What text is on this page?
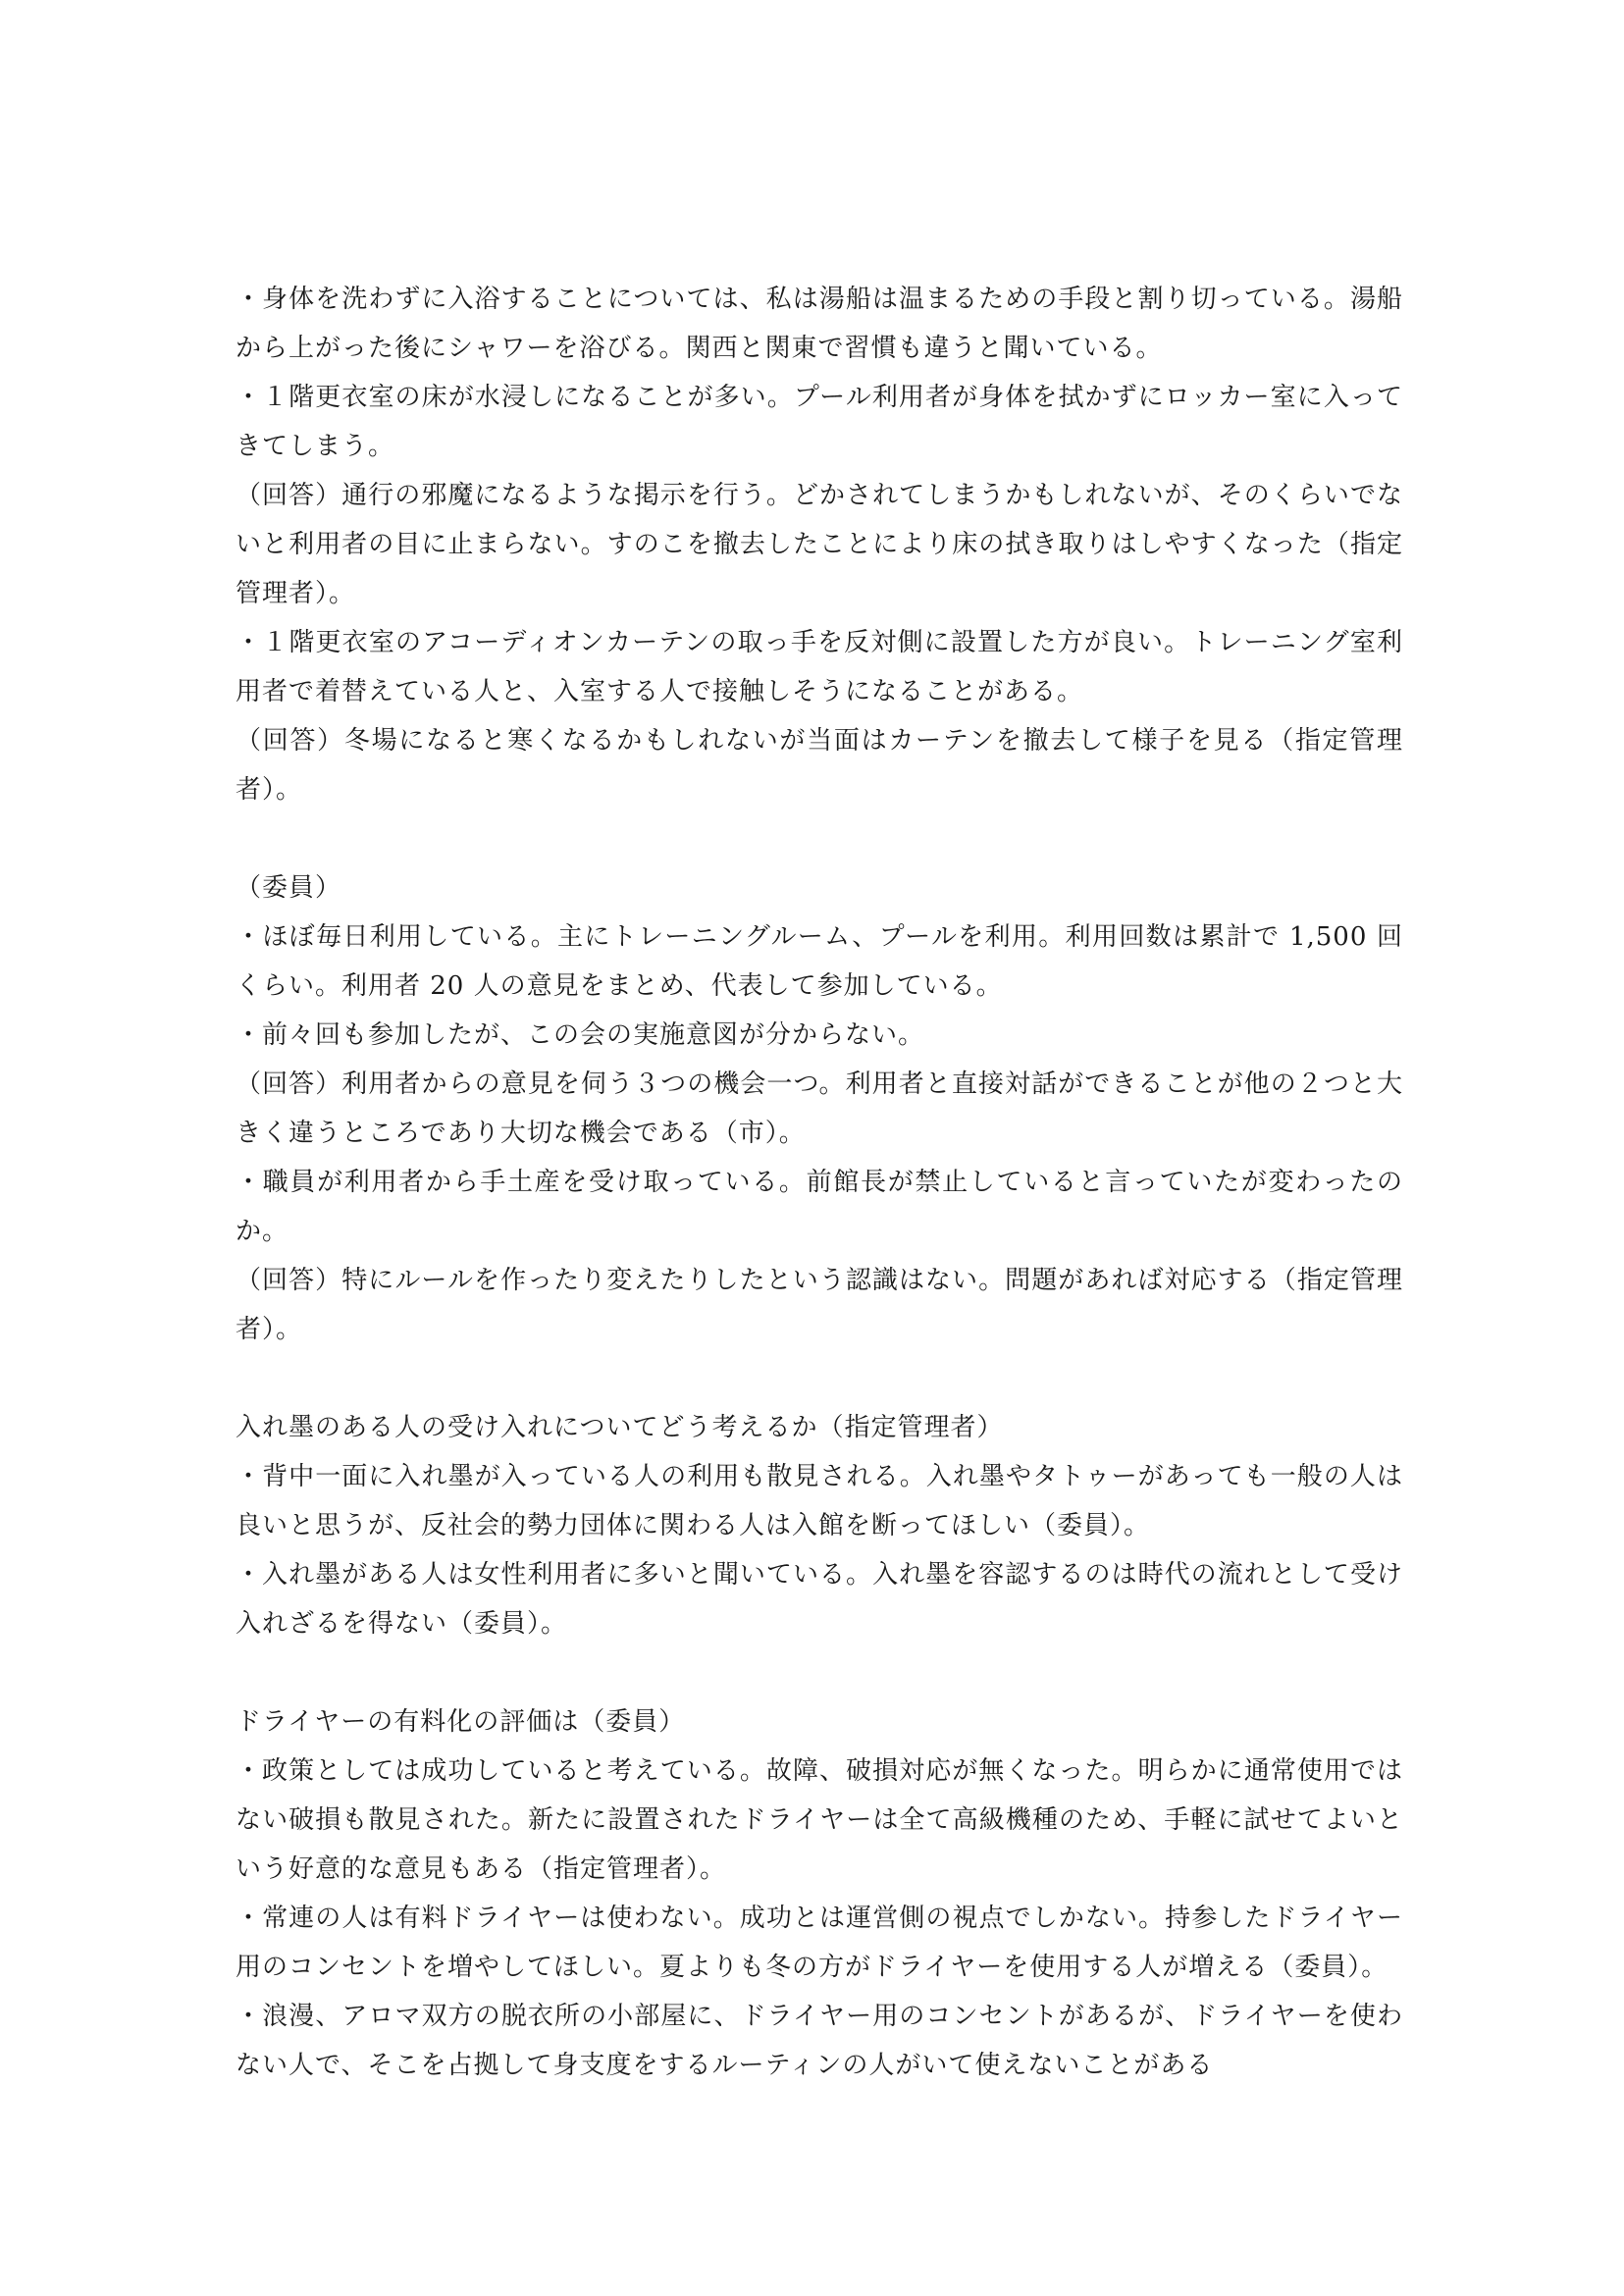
・身体を洗わずに入浴することについては、私は湯船は温まるための手段と割り切っている。湯船から上がった後にシャワーを浴びる。関西と関東で習慣も違うと聞いている。

・１階更衣室の床が水浸しになることが多い。プール利用者が身体を拭かずにロッカー室に入ってきてしまう。

（回答）通行の邪魔になるような掲示を行う。どかされてしまうかもしれないが、そのくらいでないと利用者の目に止まらない。すのこを撤去したことにより床の拭き取りはしやすくなった（指定管理者）。

・１階更衣室のアコーディオンカーテンの取っ手を反対側に設置した方が良い。トレーニング室利用者で着替えている人と、入室する人で接触しそうになることがある。

（回答）冬場になると寒くなるかもしれないが当面はカーテンを撤去して様子を見る（指定管理者）。

（委員）

・ほぼ毎日利用している。主にトレーニングルーム、プールを利用。利用回数は累計で 1,500 回くらい。利用者 20 人の意見をまとめ、代表して参加している。

・前々回も参加したが、この会の実施意図が分からない。

（回答）利用者からの意見を伺う３つの機会一つ。利用者と直接対話ができることが他の２つと大きく違うところであり大切な機会である（市）。

・職員が利用者から手土産を受け取っている。前館長が禁止していると言っていたが変わったのか。

（回答）特にルールを作ったり変えたりしたという認識はない。問題があれば対応する（指定管理者）。

入れ墨のある人の受け入れについてどう考えるか（指定管理者）

・背中一面に入れ墨が入っている人の利用も散見される。入れ墨やタトゥーがあっても一般の人は良いと思うが、反社会的勢力団体に関わる人は入館を断ってほしい（委員）。

・入れ墨がある人は女性利用者に多いと聞いている。入れ墨を容認するのは時代の流れとして受け入れざるを得ない（委員）。

ドライヤーの有料化の評価は（委員）

・政策としては成功していると考えている。故障、破損対応が無くなった。明らかに通常使用ではない破損も散見された。新たに設置されたドライヤーは全て高級機種のため、手軽に試せてよいという好意的な意見もある（指定管理者）。

・常連の人は有料ドライヤーは使わない。成功とは運営側の視点でしかない。持参したドライヤー用のコンセントを増やしてほしい。夏よりも冬の方がドライヤーを使用する人が増える（委員）。

・浪漫、アロマ双方の脱衣所の小部屋に、ドライヤー用のコンセントがあるが、ドライヤーを使わない人で、そこを占拠して身支度をするルーティンの人がいて使えないことがある
